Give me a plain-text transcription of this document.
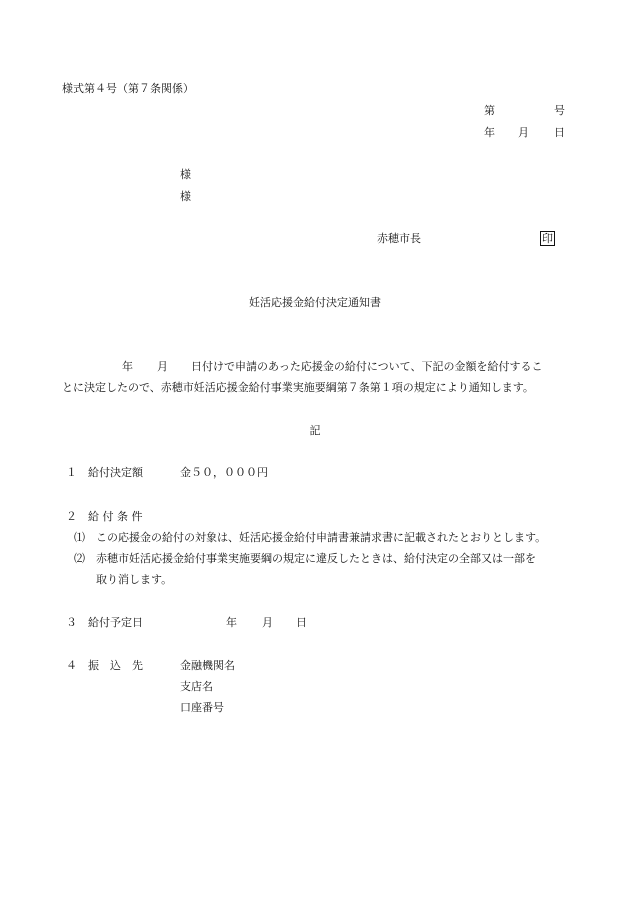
様式第４号（第７条関係）
第	号
年 月 日
様
様
赤穂市長	印
妊活応援金給付決定通知書
年 月 日付けで申請のあった応援金の給付について、下記の金額を給付するこ
とに決定したので、赤穂市妊活応援金給付事業実施要綱第７条第１項の規定により通知します。
記
１ 給付決定額	金５０，０００円
２ 給 付 条 件
⑴ この応援金の給付の対象は、妊活応援金給付申請書兼請求書に記載されたとおりとします。
⑵ 赤穂市妊活応援金給付事業実施要綱の規定に違反したときは、給付決定の全部又は一部を
取り消します。
３ 給付予定日	年 月 日
４ 振　込　先	金融機関名
支店名
口座番号
